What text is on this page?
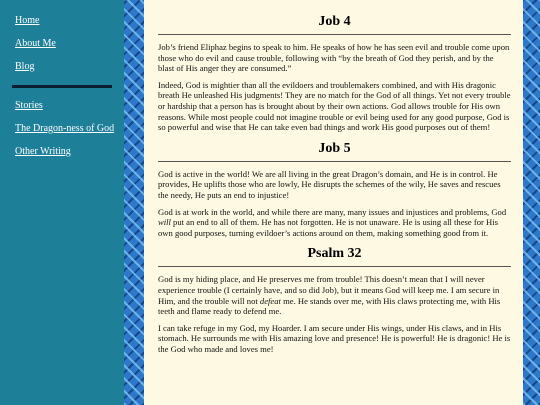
Home
About Me
Blog
Stories
The Dragon-ness of God
Other Writing
Job 4

Job’s friend Eliphaz begins to speak to him. He speaks of how he has seen evil and trouble come upon those who do evil and cause trouble, following with “by the breath of God they perish, and by the blast of His anger they are consumed.”

Indeed, God is mightier than all the evildoers and troublemakers combined, and with His dragonic breath He unleashed His judgments! They are no match for the God of all things. Yet not every trouble or hardship that a person has is brought about by their own actions. God allows trouble for His own reasons. While most people could not imagine trouble or evil being used for any good purpose, God is so powerful and wise that He can take even bad things and work His good purposes out of them!

Job 5

God is active in the world! We are all living in the great Dragon’s domain, and He is in control. He provides, He uplifts those who are lowly, He disrupts the schemes of the wily, He saves and rescues the needy, He puts an end to injustice!

God is at work in the world, and while there are many, many issues and injustices and problems, God will put an end to all of them. He has not forgotten. He is not unaware. He is using all these for His own good purposes, turning evildoer’s actions around on them, making something good from it.

Psalm 32

God is my hiding place, and He preserves me from trouble! This doesn’t mean that I will never experience trouble (I certainly have, and so did Job), but it means God will keep me. I am secure in Him, and the trouble will not defeat me. He stands over me, with His claws protecting me, with His teeth and flame ready to defend me.

I can take refuge in my God, my Hoarder. I am secure under His wings, under His claws, and in His stomach. He surrounds me with His amazing love and presence! He is powerful! He is dragonic! He is the God who made and loves me!
